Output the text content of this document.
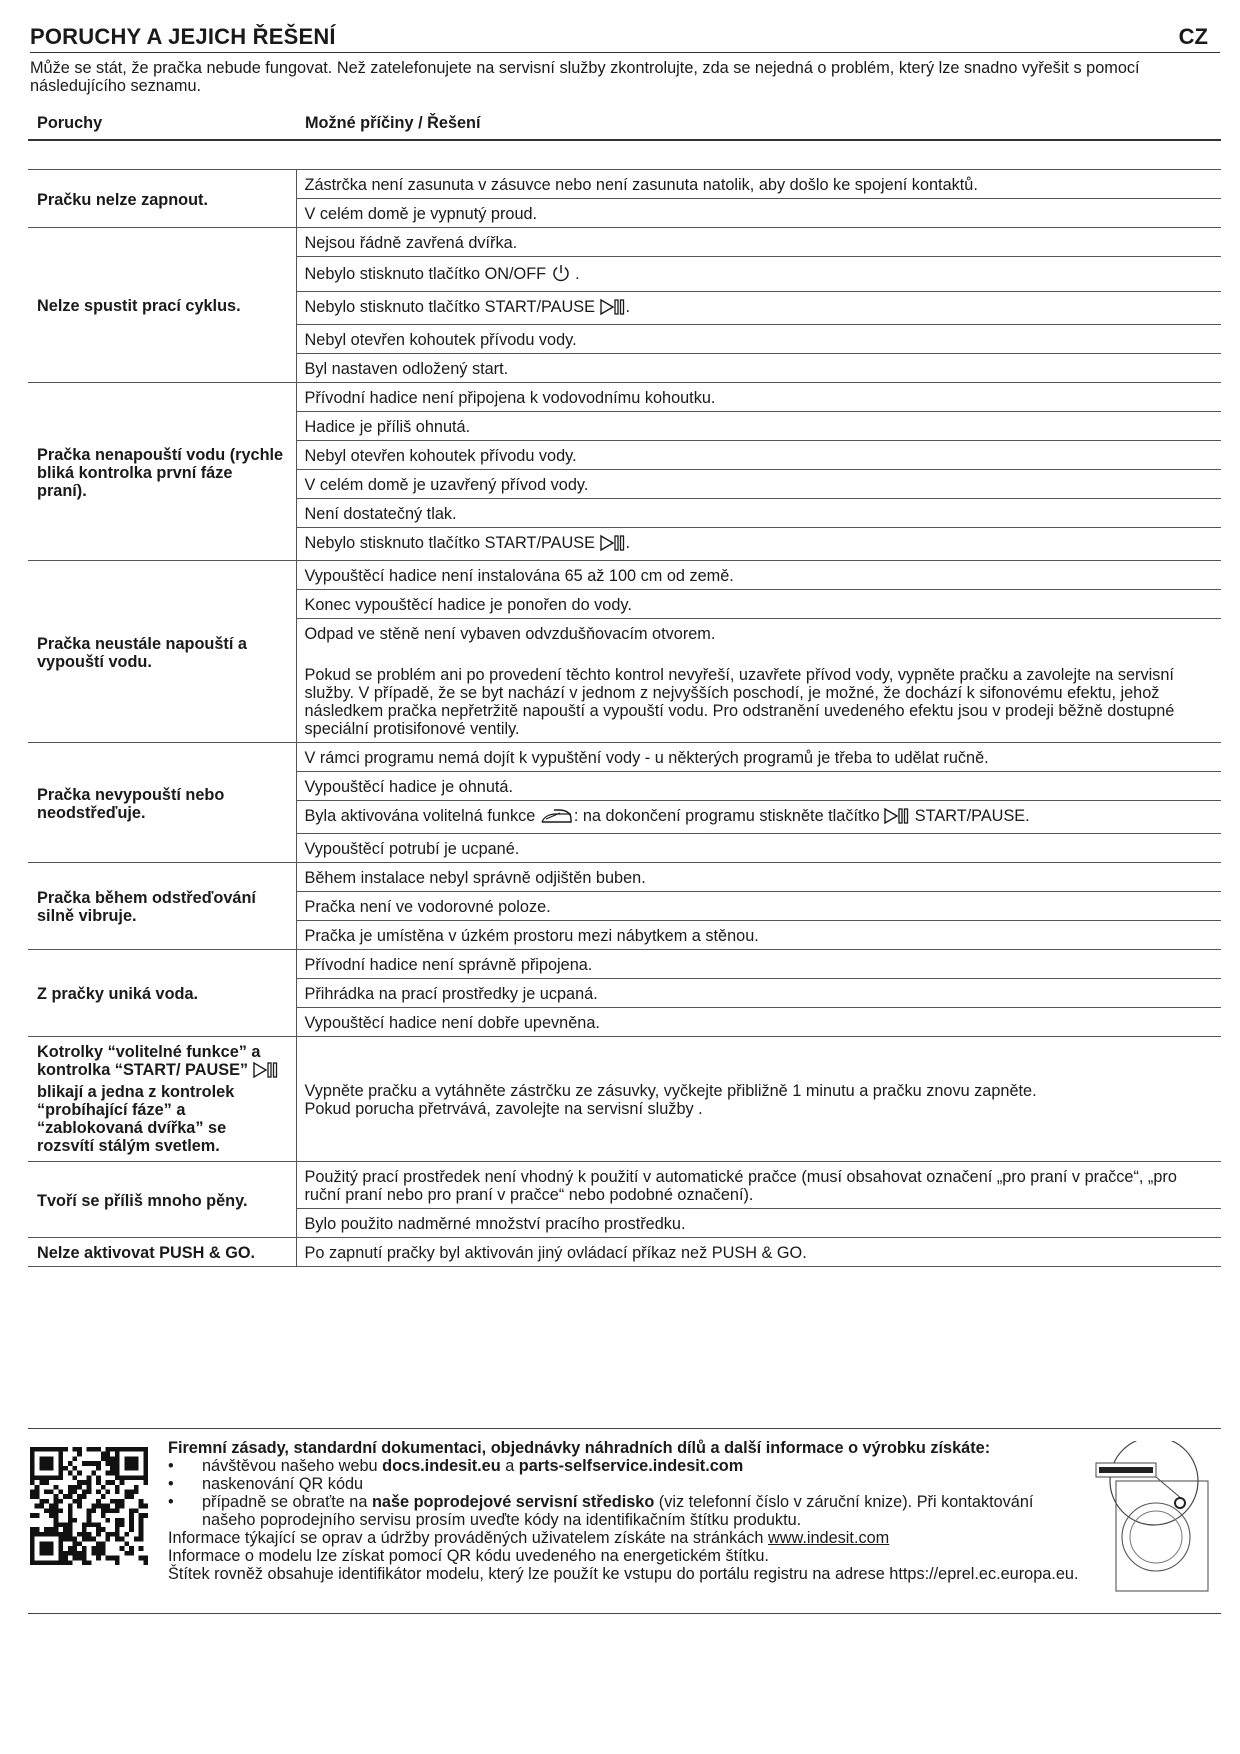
PORUCHY A JEJICH ŘEŠENÍ	CZ
Může se stát, že pračka nebude fungovat. Než zatelefonujete na servisní služby zkontrolujte, zda se nejedná o problém, který lze snadno vyřešit s pomocí následujícího seznamu.
Poruchy	Možné příčiny / Řešení

Pračku nelze zapnout.	Zástrčka není zasunuta v zásuvce nebo není zasunuta natolik, aby došlo ke spojení kontaktů.
	V celém domě je vypnutý proud.
Nelze spustit prací cyklus.	Nejsou řádně zavřená dvířka.
	Nebylo stisknuto tlačítko ON/OFF  .
	Nebylo stisknuto tlačítko START/PAUSE .
	Nebyl otevřen kohoutek přívodu vody.
	Byl nastaven odložený start.
Pračka nenapouští vodu (rychle bliká kontrolka první fáze praní).	Přívodní hadice není připojena k vodovodnímu kohoutku.
	Hadice je příliš ohnutá.
	Nebyl otevřen kohoutek přívodu vody.
	V celém domě je uzavřený přívod vody.
	Není dostatečný tlak.
	Nebylo stisknuto tlačítko START/PAUSE .
Pračka neustále napouští a vypouští vodu.	Vypouštěcí hadice není instalována 65 až 100 cm od země.
	Konec vypouštěcí hadice je ponořen do vody.

	Odpad ve stěně není vybaven odvzdušňovacím otvorem.
Pokud se problém ani po provedení těchto kontrol nevyřeší, uzavřete přívod vody, vypněte pračku a zavolejte na servisní služby. V případě, že se byt nachází v jednom z nejvyšších poschodí, je možné, že dochází k sifonovému efektu, jehož následkem pračka nepřetržitě napouští a vypouští vodu. Pro odstranění uvedeného efektu jsou v prodeji běžně dostupné speciální protisifonové ventily.

Pračka nevypouští nebo neodstřeďuje.	V rámci programu nemá dojít k vypuštění vody - u některých programů je třeba to udělat ručně.
	Vypouštěcí hadice je ohnutá.
	Byla aktivována volitelná funkce : na dokončení programu stiskněte tlačítko  START/PAUSE.
	Vypouštěcí potrubí je ucpané.
Pračka během odstřeďování silně vibruje.	Během instalace nebyl správně odjištěn buben.
	Pračka není ve vodorovné poloze.
	Pračka je umístěna v úzkém prostoru mezi nábytkem a stěnou.
Z pračky uniká voda.	Přívodní hadice není správně připojena.
	Přihrádka na prací prostředky je ucpaná.
	Vypouštěcí hadice není dobře upevněna.
Kotrolky “volitelné funkce” a kontrolka “START/ PAUSE”  blikají a jedna z kontrolek “probíhající fáze” a “zablokovaná dvířka” se rozsvítí stálým svetlem.	Vypněte pračku a vytáhněte zástrčku ze zásuvky, vyčkejte přibližně 1 minutu a pračku znovu zapněte.
Pokud porucha přetrvává, zavolejte na servisní služby .

Tvoří se příliš mnoho pěny.	Použitý prací prostředek není vhodný k použití v automatické pračce (musí obsahovat označení „pro praní v pračce“, „pro ruční praní nebo pro praní v pračce“ nebo podobné označení).
	Bylo použito nadměrné množství pracího prostředku.
Nelze aktivovat PUSH & GO.	Po zapnutí pračky byl aktivován jiný ovládací příkaz než PUSH & GO.
Firemní zásady, standardní dokumentaci, objednávky náhradních dílů a další informace o výrobku získáte:
• návštěvou našeho webu docs.indesit.eu a parts-selfservice.indesit.com
• naskenování QR kódu
• případně se obraťte na naše poprodejové servisní středisko (viz telefonní číslo v záruční knize). Při kontaktování našeho poprodejního servisu prosím uveďte kódy na identifikačním štítku produktu.
Informace týkající se oprav a údržby prováděných uživatelem získáte na stránkách www.indesit.com
Informace o modelu lze získat pomocí QR kódu uvedeného na energetickém štítku.
Štítek rovněž obsahuje identifikátor modelu, který lze použít ke vstupu do portálu registru na adrese https://eprel.ec.europa.eu.
